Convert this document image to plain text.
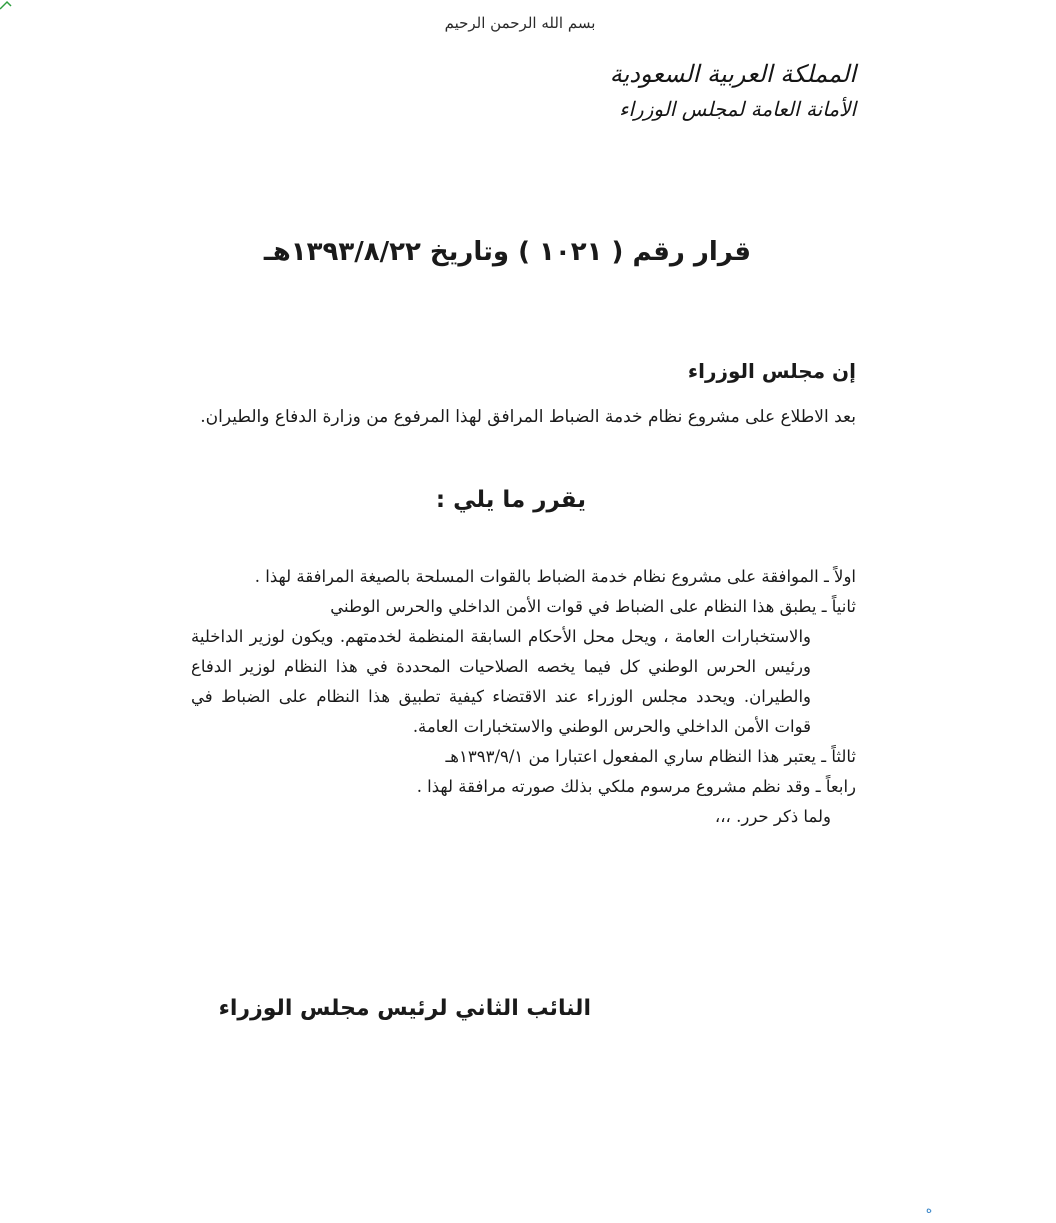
بسم الله الرحمن الرحيم
المملكة العربية السعودية
الأمانة العامة لمجلس الوزراء
قرار رقم ( ١٠٢١ ) وتاريخ ١٣٩٣/٨/٢٢هـ
إن مجلس الوزراء
بعد الاطلاع على مشروع نظام خدمة الضباط المرافق لهذا المرفوع من وزارة الدفاع والطيران.
يقرر ما يلي :

اولاً ـ الموافقة على مشروع نظام خدمة الضباط بالقوات المسلحة بالصيغة المرافقة لهذا .

ثانياً ـ يطبق هذا النظام على الضباط في قوات الأمن الداخلي والحرس الوطني
والاستخبارات العامة ، ويحل محل الأحكام السابقة المنظمة لخدمتهم. ويكون لوزير الداخلية ورئيس الحرس الوطني كل فيما يخصه الصلاحيات المحددة في هذا النظام لوزير الدفاع والطيران. ويحدد مجلس الوزراء عند الاقتضاء كيفية تطبيق هذا النظام على الضباط في قوات الأمن الداخلي والحرس الوطني والاستخبارات العامة.

ثالثاً ـ يعتبر هذا النظام ساري المفعول اعتبارا من ١٣٩٣/٩/١هـ

رابعاً ـ وقد نظم مشروع مرسوم ملكي بذلك صورته مرافقة لهذا .

ولما ذكر حرر. ،،،

النائب الثاني لرئيس مجلس الوزراء
ه
